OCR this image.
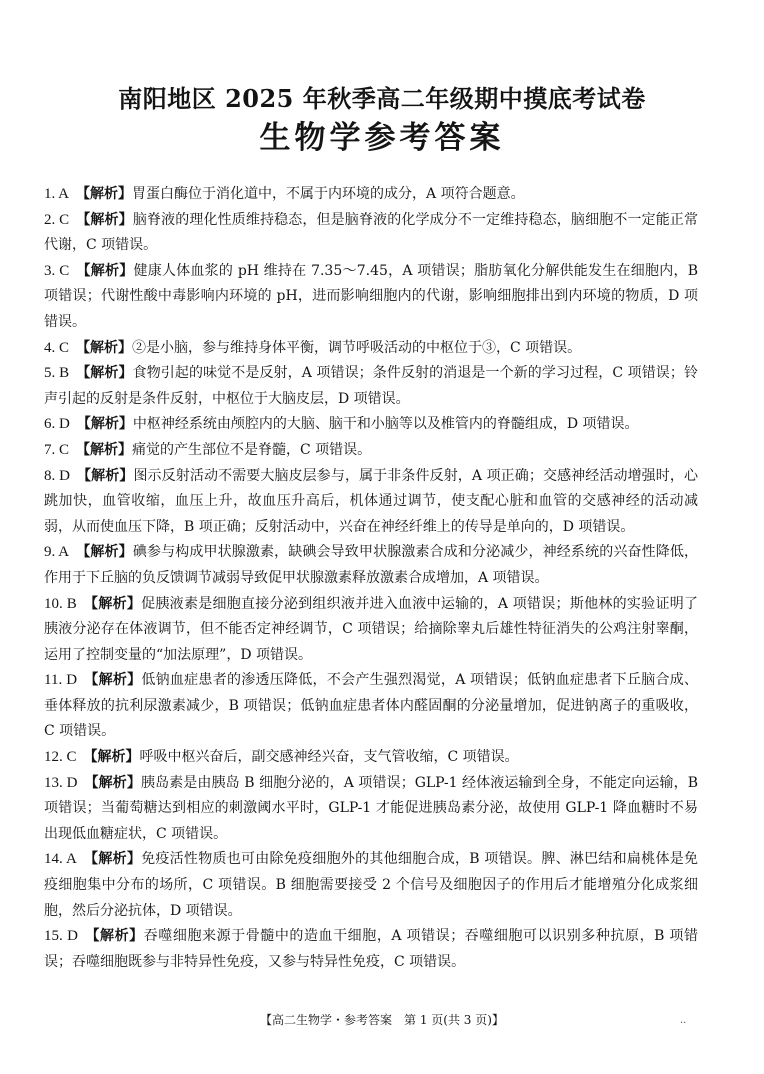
南阳地区 2025 年秋季高二年级期中摸底考试卷
生物学参考答案
1. A 【解析】胃蛋白酶位于消化道中，不属于内环境的成分，A 项符合题意。
2. C 【解析】脑脊液的理化性质维持稳态，但是脑脊液的化学成分不一定维持稳态，脑细胞不一定能正常代谢，C 项错误。
3. C 【解析】健康人体血浆的 pH 维持在 7.35～7.45，A 项错误；脂肪氧化分解供能发生在细胞内，B 项错误；代谢性酸中毒影响内环境的 pH，进而影响细胞内的代谢，影响细胞排出到内环境的物质，D 项错误。
4. C 【解析】②是小脑，参与维持身体平衡，调节呼吸活动的中枢位于③，C 项错误。
5. B 【解析】食物引起的味觉不是反射，A 项错误；条件反射的消退是一个新的学习过程，C 项错误；铃声引起的反射是条件反射，中枢位于大脑皮层，D 项错误。
6. D 【解析】中枢神经系统由颅腔内的大脑、脑干和小脑等以及椎管内的脊髓组成，D 项错误。
7. C 【解析】痛觉的产生部位不是脊髓，C 项错误。
8. D 【解析】图示反射活动不需要大脑皮层参与，属于非条件反射，A 项正确；交感神经活动增强时，心跳加快，血管收缩，血压上升，故血压升高后，机体通过调节，使支配心脏和血管的交感神经的活动减弱，从而使血压下降，B 项正确；反射活动中，兴奋在神经纤维上的传导是单向的，D 项错误。
9. A 【解析】碘参与构成甲状腺激素，缺碘会导致甲状腺激素合成和分泌减少，神经系统的兴奋性降低，作用于下丘脑的负反馈调节减弱导致促甲状腺激素释放激素合成增加，A 项错误。
10. B 【解析】促胰液素是细胞直接分泌到组织液并进入血液中运输的，A 项错误；斯他林的实验证明了胰液分泌存在体液调节，但不能否定神经调节，C 项错误；给摘除睾丸后雄性特征消失的公鸡注射睾酮，运用了控制变量的“加法原理”，D 项错误。
11. D 【解析】低钠血症患者的渗透压降低，不会产生强烈渴觉，A 项错误；低钠血症患者下丘脑合成、垂体释放的抗利尿激素减少，B 项错误；低钠血症患者体内醛固酮的分泌量增加，促进钠离子的重吸收，C 项错误。
12. C 【解析】呼吸中枢兴奋后，副交感神经兴奋，支气管收缩，C 项错误。
13. D 【解析】胰岛素是由胰岛 B 细胞分泌的，A 项错误；GLP-1 经体液运输到全身，不能定向运输，B 项错误；当葡萄糖达到相应的刺激阈水平时，GLP-1 才能促进胰岛素分泌，故使用 GLP-1 降血糖时不易出现低血糖症状，C 项错误。
14. A 【解析】免疫活性物质也可由除免疫细胞外的其他细胞合成，B 项错误。脾、淋巴结和扁桃体是免疫细胞集中分布的场所，C 项错误。B 细胞需要接受 2 个信号及细胞因子的作用后才能增殖分化成浆细胞，然后分泌抗体，D 项错误。
15. D 【解析】吞噬细胞来源于骨髓中的造血干细胞，A 项错误；吞噬细胞可以识别多种抗原，B 项错误；吞噬细胞既参与非特异性免疫，又参与特异性免疫，C 项错误。
【高二生物学・参考答案　第 1 页(共 3 页)】	..
